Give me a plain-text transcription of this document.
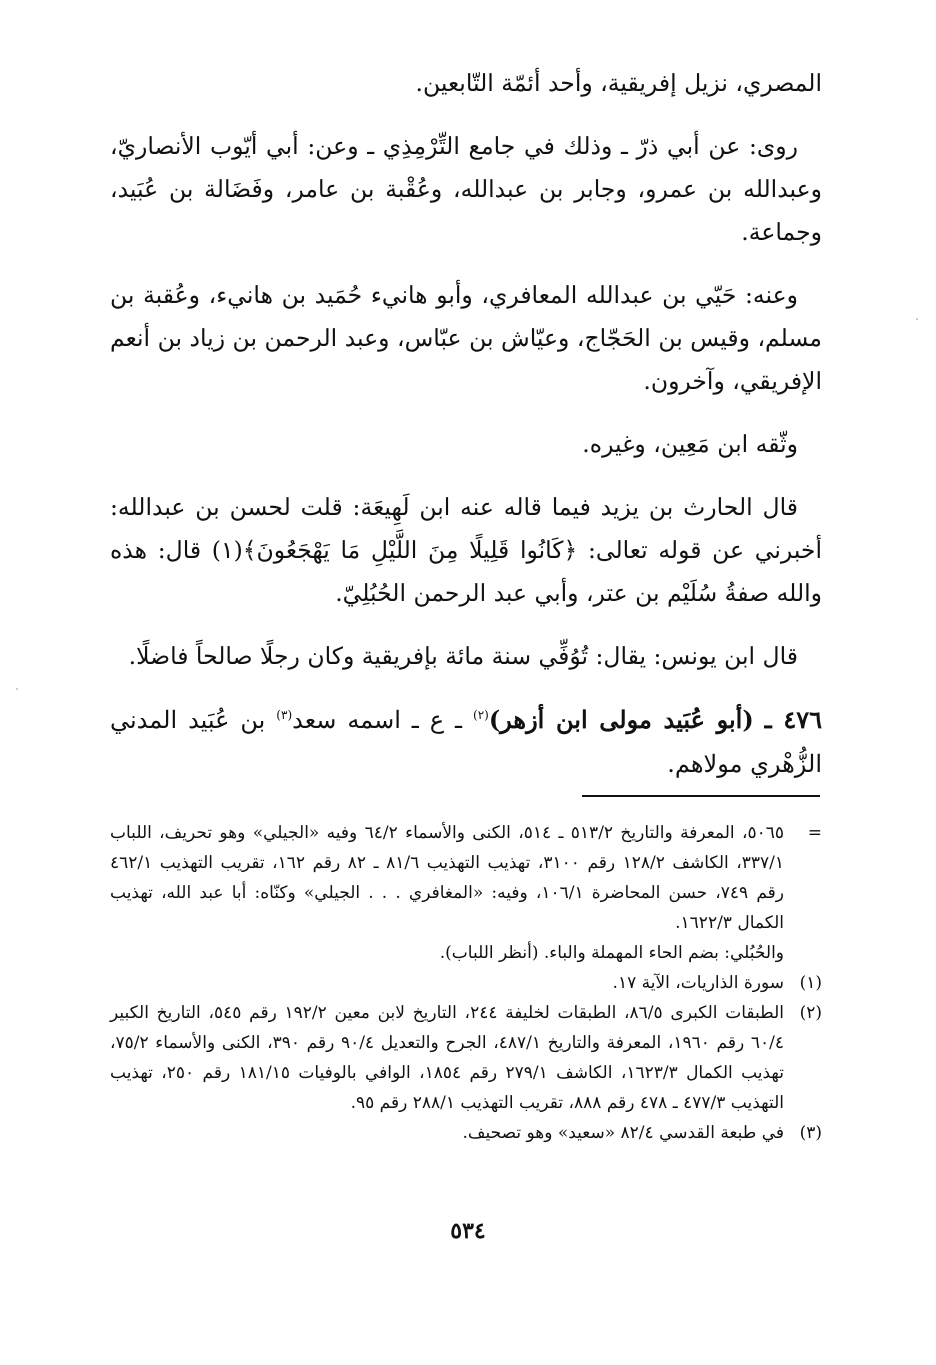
المصري، نزيل إفريقية، وأحد أئمّة التّابعين.

روى: عن أبي ذرّ ـ وذلك في جامع التِّرْمِذِي ـ وعن: أبي أيّوب الأنصاريّ، وعبدالله بن عمرو، وجابر بن عبدالله، وعُقْبة بن عامر، وفَضَالة بن عُبَيد، وجماعة.

وعنه: حَيّي بن عبدالله المعافري، وأبو هانيء حُمَيد بن هانيء، وعُقبة بن مسلم، وقيس بن الحَجّاج، وعيّاش بن عبّاس، وعبد الرحمن بن زياد بن أنعم الإفريقي، وآخرون.

وثّقه ابن مَعِين، وغيره.

قال الحارث بن يزيد فيما قاله عنه ابن لَهِيعَة: قلت لحسن بن عبدالله: أخبرني عن قوله تعالى: ﴿كَانُوا قَلِيلًا مِنَ اللَّيْلِ مَا يَهْجَعُونَ﴾(١) قال: هذه والله صفةُ سُلَيْم بن عتر، وأبي عبد الرحمن الحُبُلِيّ.

قال ابن يونس: يقال: تُوُفِّي سنة مائة بإفريقية وكان رجلًا صالحاً فاضلًا.

٤٧٦ ـ (أبو عُبَيد مولى ابن أزهر)$^{(٢)}$ ـ ع ـ اسمه سعد$^{(٣)}$ بن عُبَيد المدني الزُّهْري مولاهم.

=
٥٠٦٥، المعرفة والتاريخ ٥١٣/٢ ـ ٥١٤، الكنى والأسماء ٦٤/٢ وفيه «الجيلي» وهو تحريف، اللباب ٣٣٧/١، الكاشف ١٢٨/٢ رقم ٣١٠٠، تهذيب التهذيب ٨١/٦ ـ ٨٢ رقم ١٦٢، تقريب التهذيب ٤٦٢/١ رقم ٧٤٩، حسن المحاضرة ١٠٦/١، وفيه: «المغافري . . . الجيلي» وكنّاه: أبا عبد الله، تهذيب الكمال ١٦٢٢/٣.
والحُبُلي: بضم الحاء المهملة والباء. (أنظر اللباب).
(١)
سورة الذاريات، الآية ١٧.
(٢)
الطبقات الكبرى ٨٦/٥، الطبقات لخليفة ٢٤٤، التاريخ لابن معين ١٩٢/٢ رقم ٥٤٥، التاريخ الكبير ٦٠/٤ رقم ١٩٦٠، المعرفة والتاريخ ٤٨٧/١، الجرح والتعديل ٩٠/٤ رقم ٣٩٠، الكنى والأسماء ٧٥/٢، تهذيب الكمال ١٦٢٣/٣، الكاشف ٢٧٩/١ رقم ١٨٥٤، الوافي بالوفيات ١٨١/١٥ رقم ٢٥٠، تهذيب التهذيب ٤٧٧/٣ ـ ٤٧٨ رقم ٨٨٨، تقريب التهذيب ٢٨٨/١ رقم ٩٥.
(٣)
في طبعة القدسي ٨٢/٤ «سعيد» وهو تصحيف.
٥٣٤
